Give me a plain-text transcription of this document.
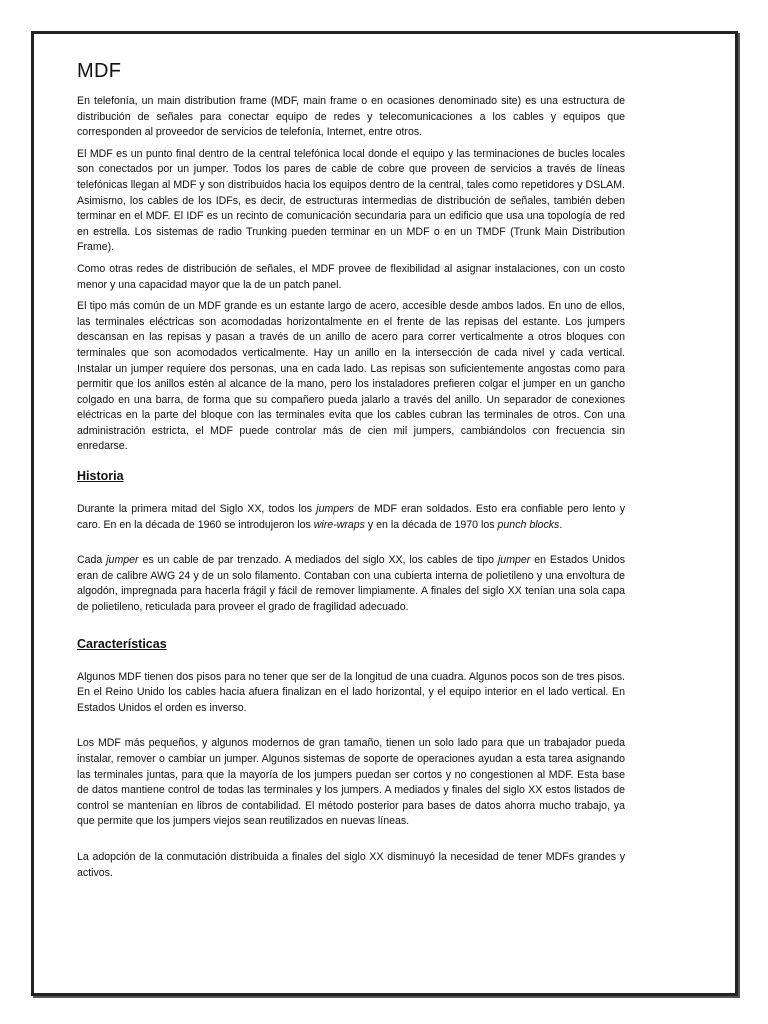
MDF

En telefonía, un main distribution frame (MDF, main frame o en ocasiones denominado site) es una estructura de distribución de señales para conectar equipo de redes y telecomunicaciones a los cables y equipos que corresponden al proveedor de servicios de telefonía, Internet, entre otros.

El MDF es un punto final dentro de la central telefónica local donde el equipo y las terminaciones de bucles locales son conectados por un jumper. Todos los pares de cable de cobre que proveen de servicios a través de líneas telefónicas llegan al MDF y son distribuidos hacia los equipos dentro de la central, tales como repetidores y DSLAM. Asimismo, los cables de los IDFs, es decir, de estructuras intermedias de distribución de señales, también deben terminar en el MDF. El IDF es un recinto de comunicación secundaria para un edificio que usa una topología de red en estrella. Los sistemas de radio Trunking pueden terminar en un MDF o en un TMDF (Trunk Main Distribution Frame).

Como otras redes de distribución de señales, el MDF provee de flexibilidad al asignar instalaciones, con un costo menor y una capacidad mayor que la de un patch panel.

El tipo más común de un MDF grande es un estante largo de acero, accesible desde ambos lados. En uno de ellos, las terminales eléctricas son acomodadas horizontalmente en el frente de las repisas del estante. Los jumpers descansan en las repisas y pasan a través de un anillo de acero para correr verticalmente a otros bloques con terminales que son acomodados verticalmente. Hay un anillo en la intersección de cada nivel y cada vertical. Instalar un jumper requiere dos personas, una en cada lado. Las repisas son suficientemente angostas como para permitir que los anillos estén al alcance de la mano, pero los instaladores prefieren colgar el jumper en un gancho colgado en una barra, de forma que su compañero pueda jalarlo a través del anillo. Un separador de conexiones eléctricas en la parte del bloque con las terminales evita que los cables cubran las terminales de otros. Con una administración estricta, el MDF puede controlar más de cien mil jumpers, cambiándolos con frecuencia sin enredarse.

Historia

Durante la primera mitad del Siglo XX, todos los jumpers de MDF eran soldados. Esto era confiable pero lento y caro. En en la década de 1960 se introdujeron los wire-wraps y en la década de 1970 los punch blocks.

Cada jumper es un cable de par trenzado. A mediados del siglo XX, los cables de tipo jumper en Estados Unidos eran de calibre AWG 24 y de un solo filamento. Contaban con una cubierta interna de polietileno y una envoltura de algodón, impregnada para hacerla frágil y fácil de remover limpiamente. A finales del siglo XX tenían una sola capa de polietileno, reticulada para proveer el grado de fragilidad adecuado.

Características

Algunos MDF tienen dos pisos para no tener que ser de la longitud de una cuadra. Algunos pocos son de tres pisos. En el Reino Unido los cables hacia afuera finalizan en el lado horizontal, y el equipo interior en el lado vertical. En Estados Unidos el orden es inverso.

Los MDF más pequeños, y algunos modernos de gran tamaño, tienen un solo lado para que un trabajador pueda instalar, remover o cambiar un jumper. Algunos sistemas de soporte de operaciones ayudan a esta tarea asignando las terminales juntas, para que la mayoría de los jumpers puedan ser cortos y no congestionen al MDF. Esta base de datos mantiene control de todas las terminales y los jumpers. A mediados y finales del siglo XX estos listados de control se mantenían en libros de contabilidad. El método posterior para bases de datos ahorra mucho trabajo, ya que permite que los jumpers viejos sean reutilizados en nuevas líneas.

La adopción de la conmutación distribuida a finales del siglo XX disminuyó la necesidad de tener MDFs grandes y activos.
